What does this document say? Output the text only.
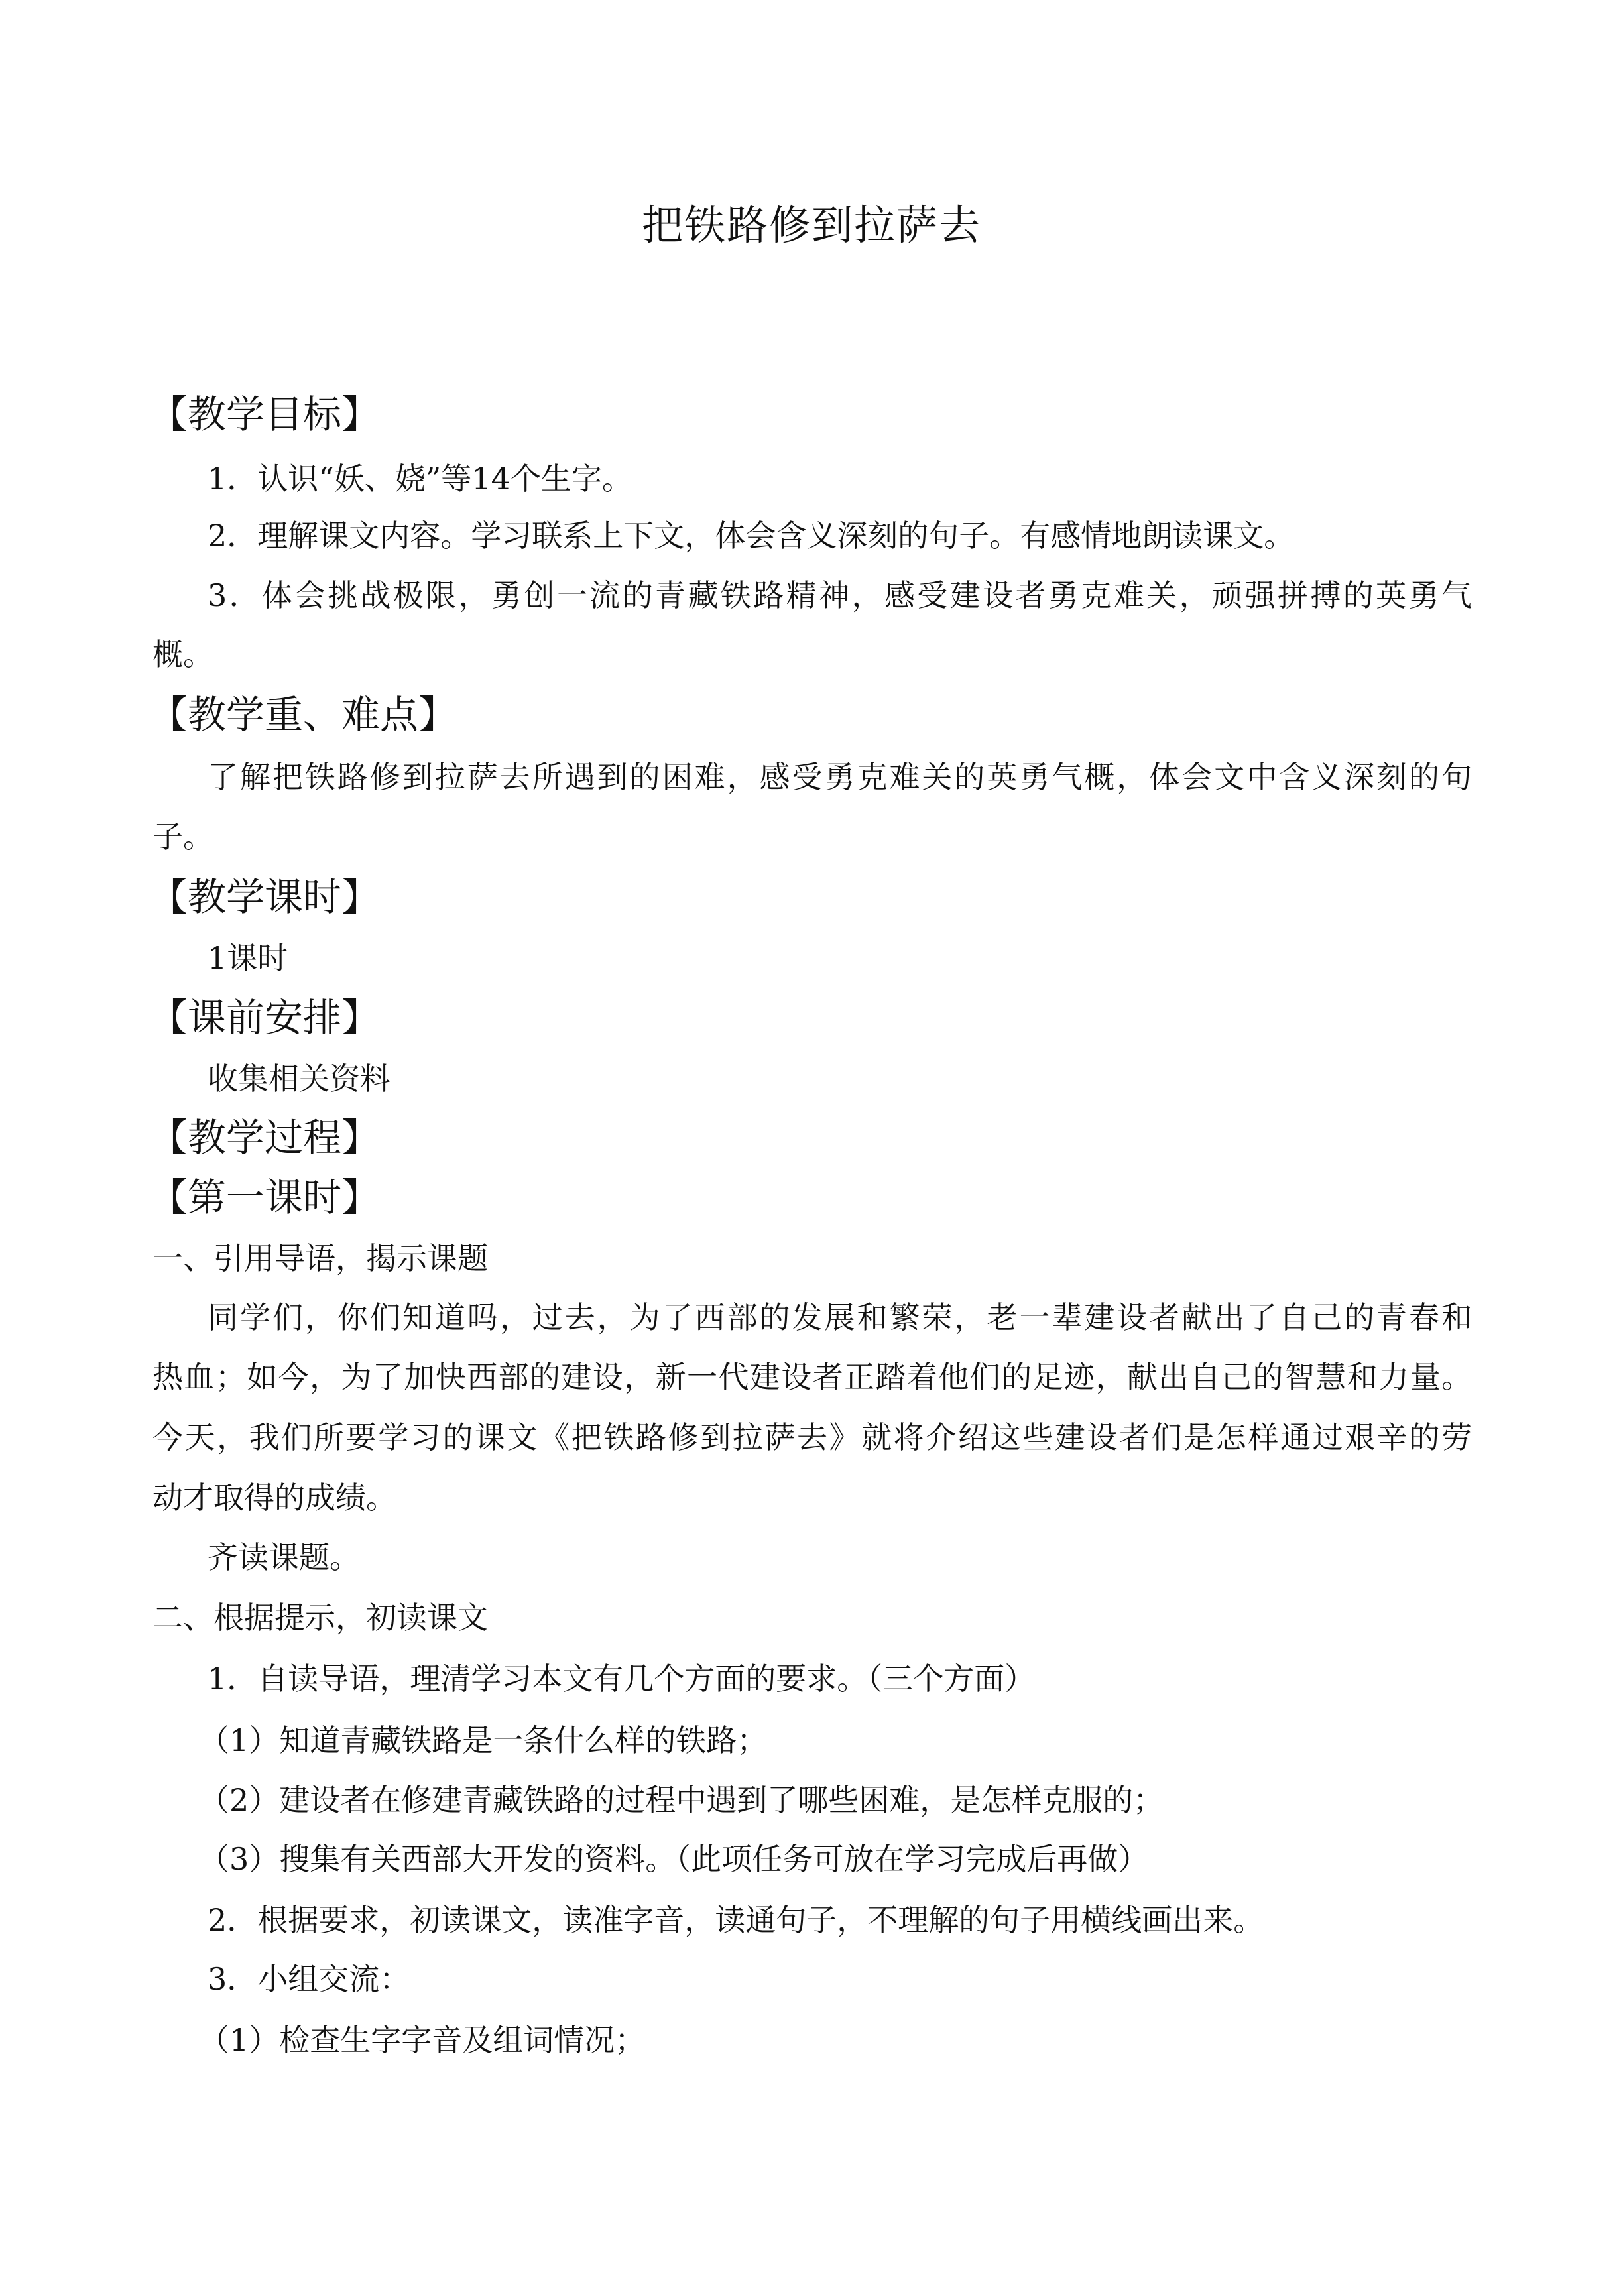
把铁路修到拉萨去
【教学目标】
1．认识“妖、娆”等14个生字。
2．理解课文内容。学习联系上下文，体会含义深刻的句子。有感情地朗读课文。
3．体会挑战极限，勇创一流的青藏铁路精神，感受建设者勇克难关，顽强拼搏的英勇气
概。
【教学重、难点】
了解把铁路修到拉萨去所遇到的困难，感受勇克难关的英勇气概，体会文中含义深刻的句
子。
【教学课时】
1课时
【课前安排】
收集相关资料
【教学过程】
【第一课时】
一、引用导语，揭示课题
同学们，你们知道吗，过去，为了西部的发展和繁荣，老一辈建设者献出了自己的青春和
热血；如今，为了加快西部的建设，新一代建设者正踏着他们的足迹，献出自己的智慧和力量。
今天，我们所要学习的课文《把铁路修到拉萨去》就将介绍这些建设者们是怎样通过艰辛的劳
动才取得的成绩。
齐读课题。
二、根据提示，初读课文
1．自读导语，理清学习本文有几个方面的要求。（三个方面）
（1）知道青藏铁路是一条什么样的铁路；
（2）建设者在修建青藏铁路的过程中遇到了哪些困难，是怎样克服的；
（3）搜集有关西部大开发的资料。（此项任务可放在学习完成后再做）
2．根据要求，初读课文，读准字音，读通句子，不理解的句子用横线画出来。
3．小组交流：
（1）检查生字字音及组词情况；
